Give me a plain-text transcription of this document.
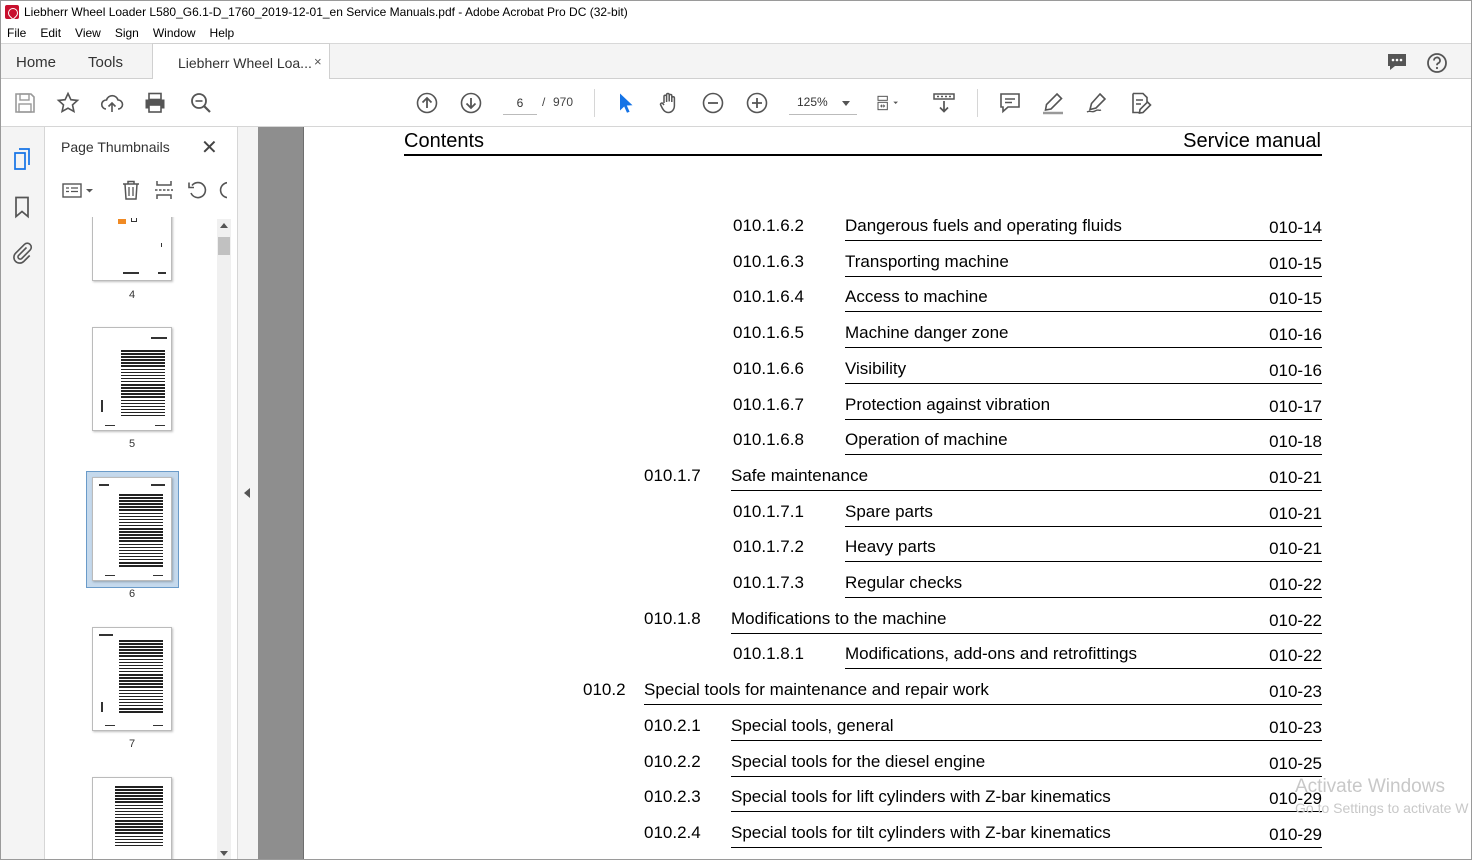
Liebherr Wheel Loader L580_G6.1-D_1760_2019-12-01_en Service Manuals.pdf - Adobe Acrobat Pro DC (32-bit)
File Edit View Sign Window Help
Home Tools	Liebherr Wheel Loa... ×
6
/ 970	125%
Page Thumbnails ✕
4
5
6
7
Contents	Service manual
010.1.6.2 Dangerous fuels and operating fluids	010-14
010.1.6.3 Transporting machine	010-15
010.1.6.4 Access to machine	010-15
010.1.6.5 Machine danger zone	010-16
010.1.6.6 Visibility	010-16
010.1.6.7 Protection against vibration	010-17
010.1.6.8 Operation of machine	010-18
010.1.7 Safe maintenance	010-21
010.1.7.1 Spare parts	010-21
010.1.7.2 Heavy parts	010-21
010.1.7.3 Regular checks	010-22
010.1.8 Modifications to the machine	010-22
010.1.8.1 Modifications, add-ons and retrofittings	010-22
010.2 Special tools for maintenance and repair work	010-23
010.2.1 Special tools, general	010-23
010.2.2 Special tools for the diesel engine	010-25
010.2.3 Special tools for lift cylinders with Z-bar kinematics	010-29
010.2.4 Special tools for tilt cylinders with Z-bar kinematics	010-29
Activate Windows
Go to Settings to activate W
